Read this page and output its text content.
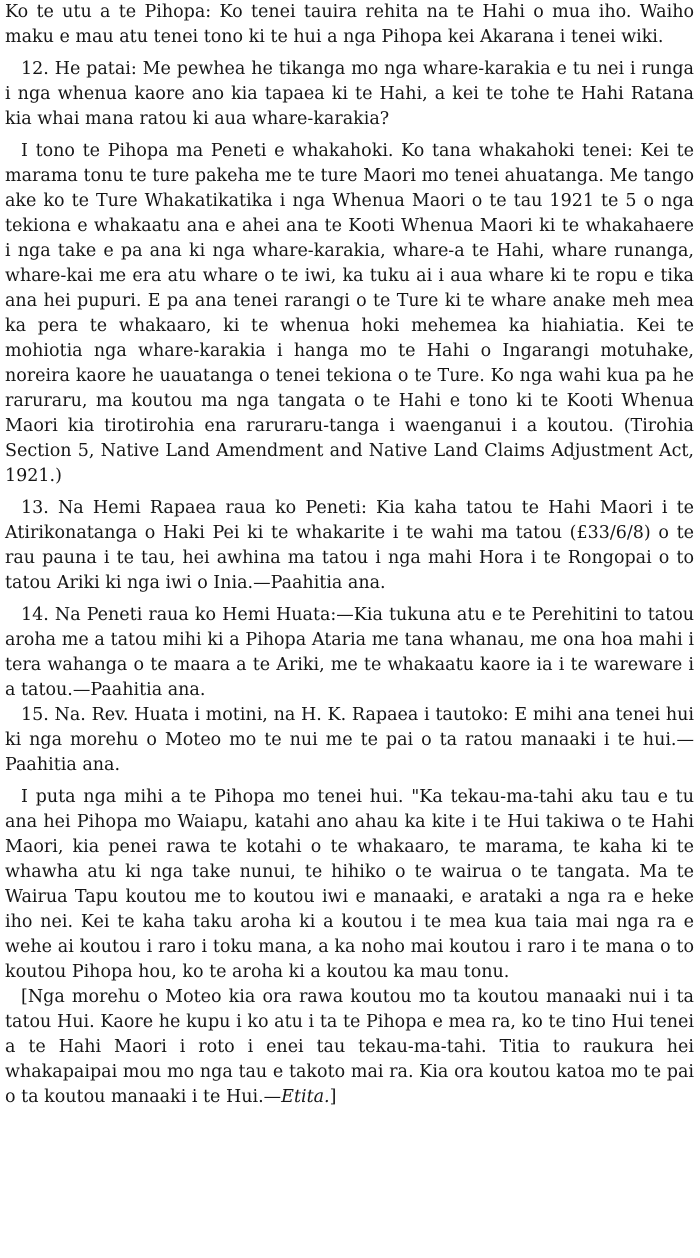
Ko te utu a te Pihopa: Ko tenei tauira rehita na te Hahi o mua iho. Waiho maku e mau atu tenei tono ki te hui a nga Pihopa kei Akarana i tenei wiki.

12. He patai: Me pewhea he tikanga mo nga whare-karakia e tu nei i runga i nga whenua kaore ano kia tapaea ki te Hahi, a kei te tohe te Hahi Ratana kia whai mana ratou ki aua whare-karakia?

I tono te Pihopa ma Peneti e whakahoki. Ko tana whakahoki tenei: Kei te marama tonu te ture pakeha me te ture Maori mo tenei ahuatanga. Me tango ake ko te Ture Whakatikatika i nga Whenua Maori o te tau 1921 te 5 o nga tekiona e whakaatu ana e ahei ana te Kooti Whenua Maori ki te whakahaere i nga take e pa ana ki nga whare-karakia, whare-a te Hahi, whare runanga, whare-kai me era atu whare o te iwi, ka tuku ai i aua whare ki te ropu e tika ana hei pupuri. E pa ana tenei rarangi o te Ture ki te whare anake meh mea ka pera te whakaaro, ki te whenua hoki mehemea ka hiahiatia. Kei te mohiotia nga whare-karakia i hanga mo te Hahi o Ingarangi motuhake, noreira kaore he uauatanga o tenei tekiona o te Ture. Ko nga wahi kua pa he raruraru, ma koutou ma nga tangata o te Hahi e tono ki te Kooti Whenua Maori kia tirotirohia ena raruraru-tanga i waenganui i a koutou. (Tirohia Section 5, Native Land Amendment and Native Land Claims Adjustment Act, 1921.)

13. Na Hemi Rapaea raua ko Peneti: Kia kaha tatou te Hahi Maori i te Atirikonatanga o Haki Pei ki te whakarite i te wahi ma tatou (£33/6/8) o te rau pauna i te tau, hei awhina ma tatou i nga mahi Hora i te Rongopai o to tatou Ariki ki nga iwi o Inia.—Paahitia ana.

14. Na Peneti raua ko Hemi Huata:—Kia tukuna atu e te Perehitini to tatou aroha me a tatou mihi ki a Pihopa Ataria me tana whanau, me ona hoa mahi i tera wahanga o te maara a te Ariki, me te whakaatu kaore ia i te wareware i a tatou.—Paahitia ana.

15. Na. Rev. Huata i motini, na H. K. Rapaea i tautoko: E mihi ana tenei hui ki nga morehu o Moteo mo te nui me te pai o ta ratou manaaki i te hui.—Paahitia ana.

I puta nga mihi a te Pihopa mo tenei hui. "Ka tekau-ma-tahi aku tau e tu ana hei Pihopa mo Waiapu, katahi ano ahau ka kite i te Hui takiwa o te Hahi Maori, kia penei rawa te kotahi o te whakaaro, te marama, te kaha ki te whawha atu ki nga take nunui, te hihiko o te wairua o te tangata. Ma te Wairua Tapu koutou me to koutou iwi e manaaki, e arataki a nga ra e heke iho nei. Kei te kaha taku aroha ki a koutou i te mea kua taia mai nga ra e wehe ai koutou i raro i toku mana, a ka noho mai koutou i raro i te mana o to koutou Pihopa hou, ko te aroha ki a koutou ka mau tonu.

[Nga morehu o Moteo kia ora rawa koutou mo ta koutou manaaki nui i ta tatou Hui. Kaore he kupu i ko atu i ta te Pihopa e mea ra, ko te tino Hui tenei a te Hahi Maori i roto i enei tau tekau-ma-tahi. Titia to raukura hei whakapaipai mou mo nga tau e takoto mai ra. Kia ora koutou katoa mo te pai o ta koutou manaaki i te Hui.—Etita.]
